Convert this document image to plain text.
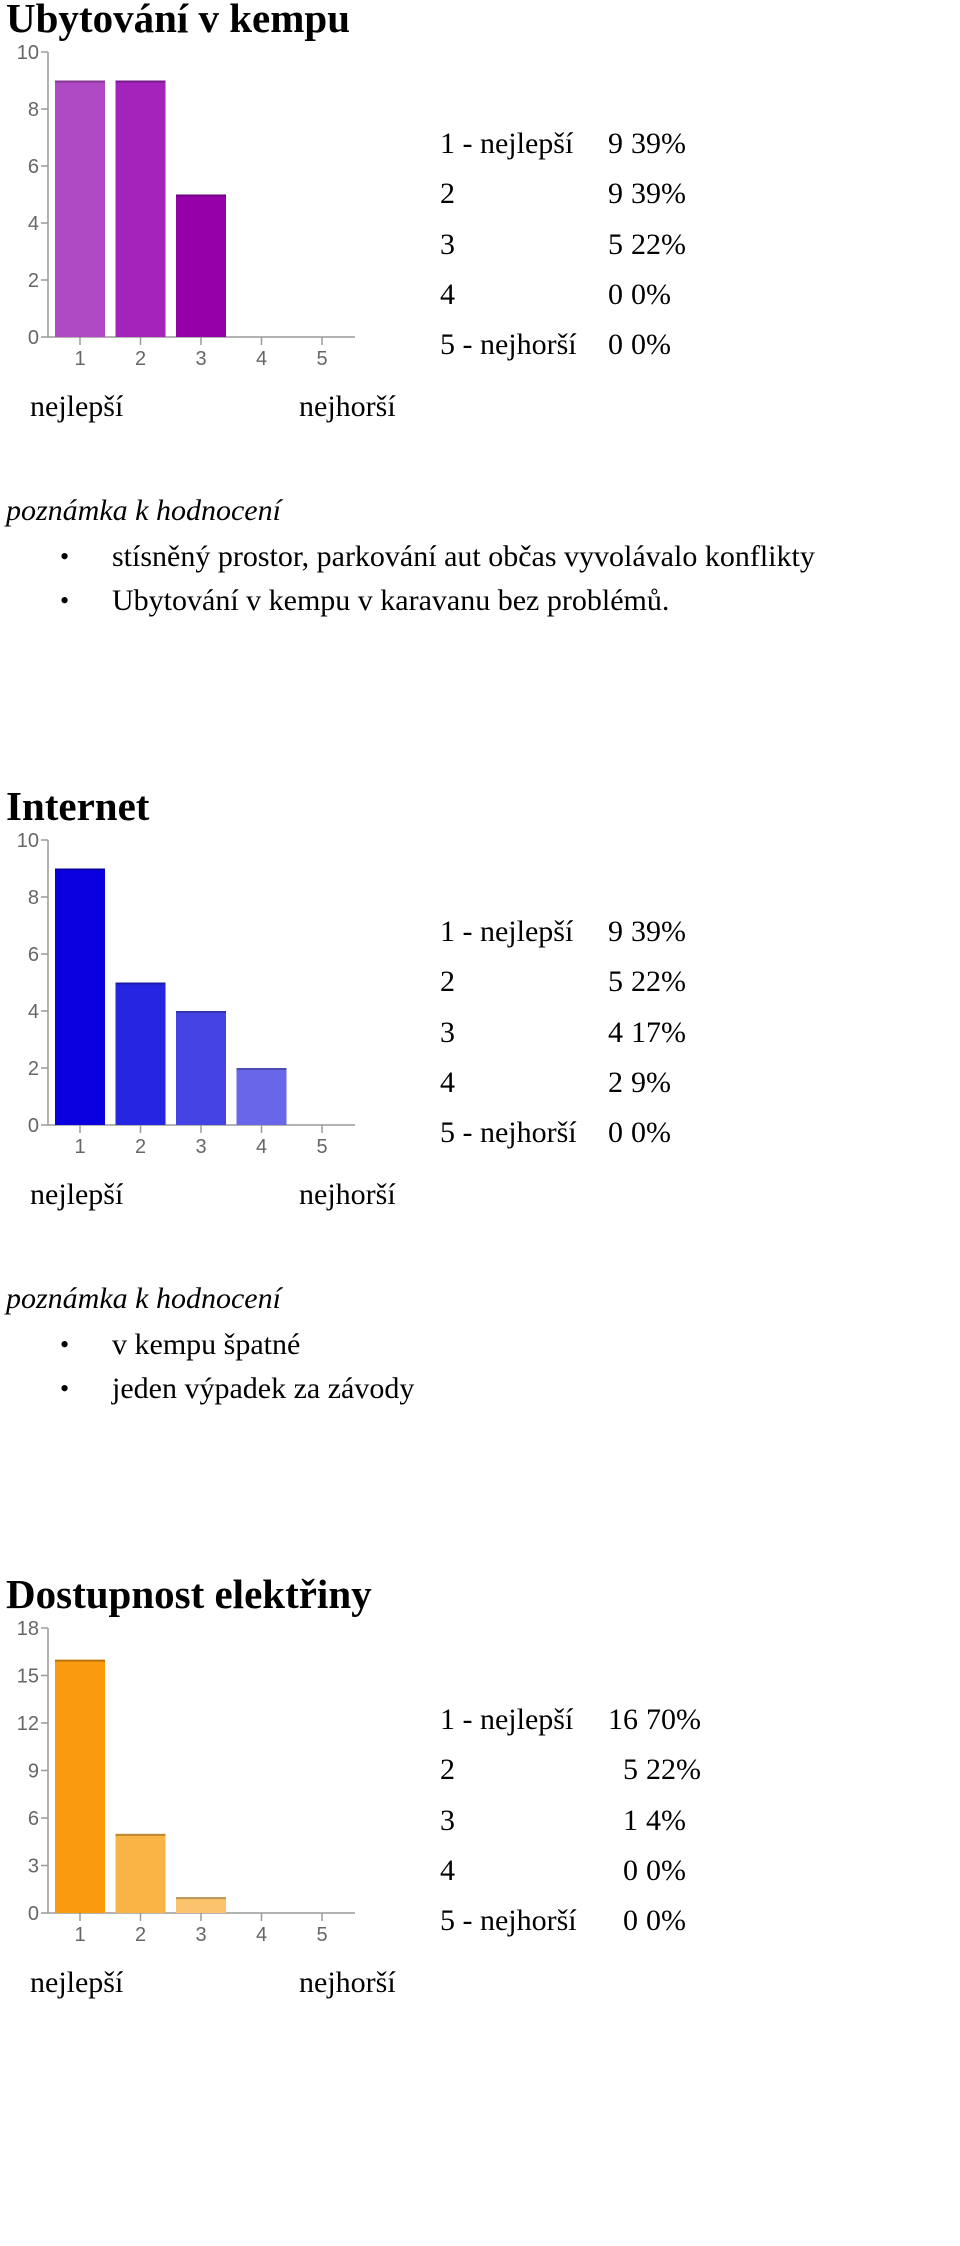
Ubytování v kempu
0
2
4
6
8
10
1 2 3 4 5
1 - nejlepší	9	39%
2	9	39%
3	5	22%
4	0	0%
5 - nejhorší	0	0%
nejlepší	nejhorší
poznámka k hodnocení
• stísněný prostor, parkování aut občas vyvolávalo konflikty
• Ubytování v kempu v karavanu bez problémů.
Internet
0
2
4
6
8
10
1 2 3 4 5
1 - nejlepší	9	39%
2	5	22%
3	4	17%
4	2	9%
5 - nejhorší	0	0%
nejlepší	nejhorší
poznámka k hodnocení
• v kempu špatné
• jeden výpadek za závody
Dostupnost elektřiny
0
3
6
9
12
15
18
1 2 3 4 5
1 - nejlepší	16	70%
2	5	22%
3	1	4%
4	0	0%
5 - nejhorší	0	0%
nejlepší	nejhorší
